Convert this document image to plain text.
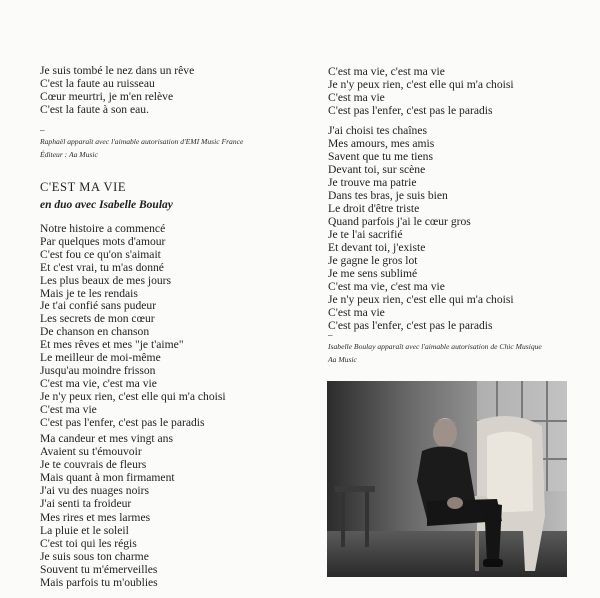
Je suis tombé le nez dans un rêve
C'est la faute au ruisseau
Cœur meurtri, je m'en relève
C'est la faute à son eau.
–
Raphaël apparaît avec l'aimable autorisation d'EMI Music France
Éditeur : Aa Music
C'EST MA VIE
en duo avec Isabelle Boulay
Notre histoire a commencé
Par quelques mots d'amour
C'est fou ce qu'on s'aimait
Et c'est vrai, tu m'as donné
Les plus beaux de mes jours
Mais je te les rendais
Je t'ai confié sans pudeur
Les secrets de mon cœur
De chanson en chanson
Et mes rêves et mes "je t'aime"
Le meilleur de moi-même
Jusqu'au moindre frisson
C'est ma vie, c'est ma vie
Je n'y peux rien, c'est elle qui m'a choisi
C'est ma vie
C'est pas l'enfer, c'est pas le paradis
Ma candeur et mes vingt ans
Avaient su t'émouvoir
Je te couvrais de fleurs
Mais quant à mon firmament
J'ai vu des nuages noirs
J'ai senti ta froideur
Mes rires et mes larmes
La pluie et le soleil
C'est toi qui les régis
Je suis sous ton charme
Souvent tu m'émerveilles
Mais parfois tu m'oublies
C'est ma vie, c'est ma vie
Je n'y peux rien, c'est elle qui m'a choisi
C'est ma vie
C'est pas l'enfer, c'est pas le paradis
J'ai choisi tes chaînes
Mes amours, mes amis
Savent que tu me tiens
Devant toi, sur scène
Je trouve ma patrie
Dans tes bras, je suis bien
Le droit d'être triste
Quand parfois j'ai le cœur gros
Je te l'ai sacrifié
Et devant toi, j'existe
Je gagne le gros lot
Je me sens sublimé
C'est ma vie, c'est ma vie
Je n'y peux rien, c'est elle qui m'a choisi
C'est ma vie
C'est pas l'enfer, c'est pas le paradis
–
Isabelle Boulay apparaît avec l'aimable autorisation de Chic Musique
Aa Music
